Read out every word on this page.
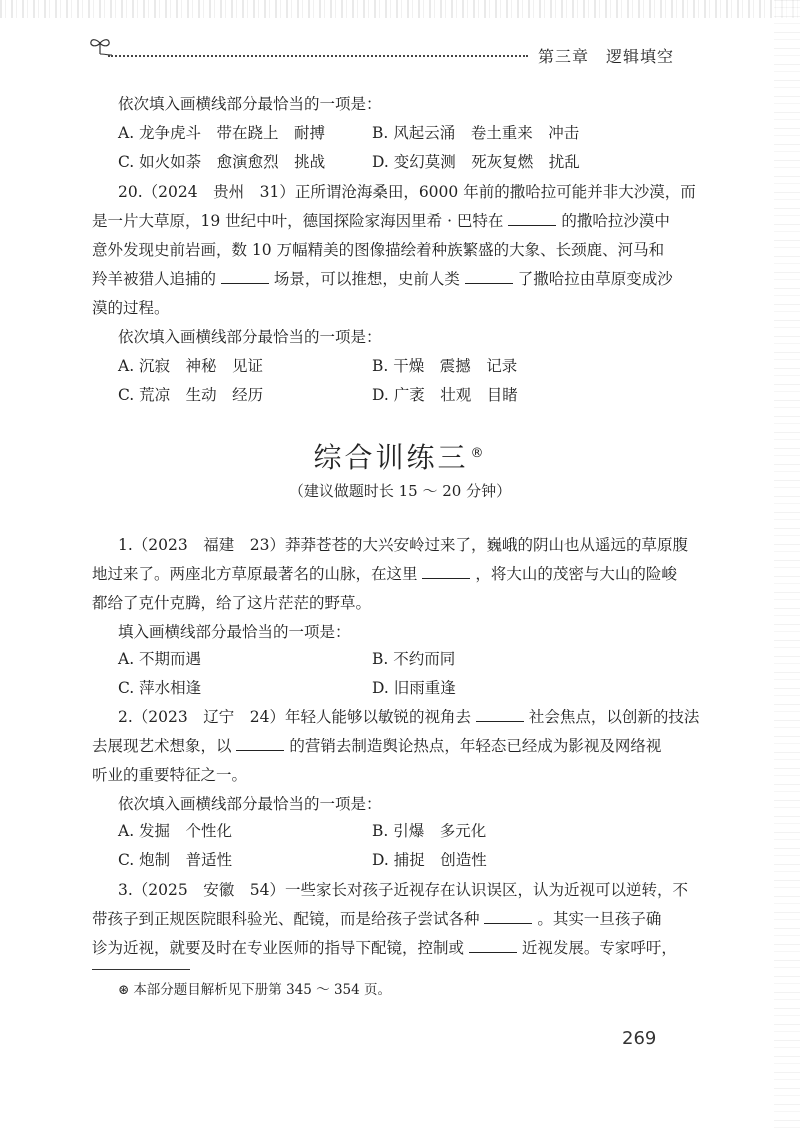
第三章　逻辑填空
依次填入画横线部分最恰当的一项是：
A. 龙争虎斗　带在跷上　耐搏	B. 风起云涌　卷土重来　冲击
C. 如火如荼　愈演愈烈　挑战	D. 变幻莫测　死灰复燃　扰乱
20.（2024　贵州　31）正所谓沧海桑田，6000 年前的撒哈拉可能并非大沙漠，而
是一片大草原，19 世纪中叶，德国探险家海因里希 · 巴特在	的撒哈拉沙漠中
意外发现史前岩画，数 10 万幅精美的图像描绘着种族繁盛的大象、长颈鹿、河马和
羚羊被猎人追捕的	场景，可以推想，史前人类	了撒哈拉由草原变成沙
漠的过程。
依次填入画横线部分最恰当的一项是：
A. 沉寂　神秘　见证	B. 干燥　震撼　记录
C. 荒凉　生动　经历	D. 广袤　壮观　目睹
综合训练三 ®
（建议做题时长 15 ～ 20 分钟）
1.（2023　福建　23）莽莽苍苍的大兴安岭过来了，巍峨的阴山也从遥远的草原腹
地过来了。两座北方草原最著名的山脉，在这里	，将大山的茂密与大山的险峻
都给了克什克腾，给了这片茫茫的野草。
填入画横线部分最恰当的一项是：
A. 不期而遇	B. 不约而同
C. 萍水相逢	D. 旧雨重逢
2.（2023　辽宁　24）年轻人能够以敏锐的视角去	社会焦点，以创新的技法
去展现艺术想象，以	的营销去制造舆论热点，年轻态已经成为影视及网络视
听业的重要特征之一。
依次填入画横线部分最恰当的一项是：
A. 发掘　个性化	B. 引爆　多元化
C. 炮制　普适性	D. 捕捉　创造性
3.（2025　安徽　54）一些家长对孩子近视存在认识误区，认为近视可以逆转，不
带孩子到正规医院眼科验光、配镜，而是给孩子尝试各种	。其实一旦孩子确
诊为近视，就要及时在专业医师的指导下配镜，控制或	近视发展。专家呼吁，
⊛ 本部分题目解析见下册第 345 ～ 354 页。
269
